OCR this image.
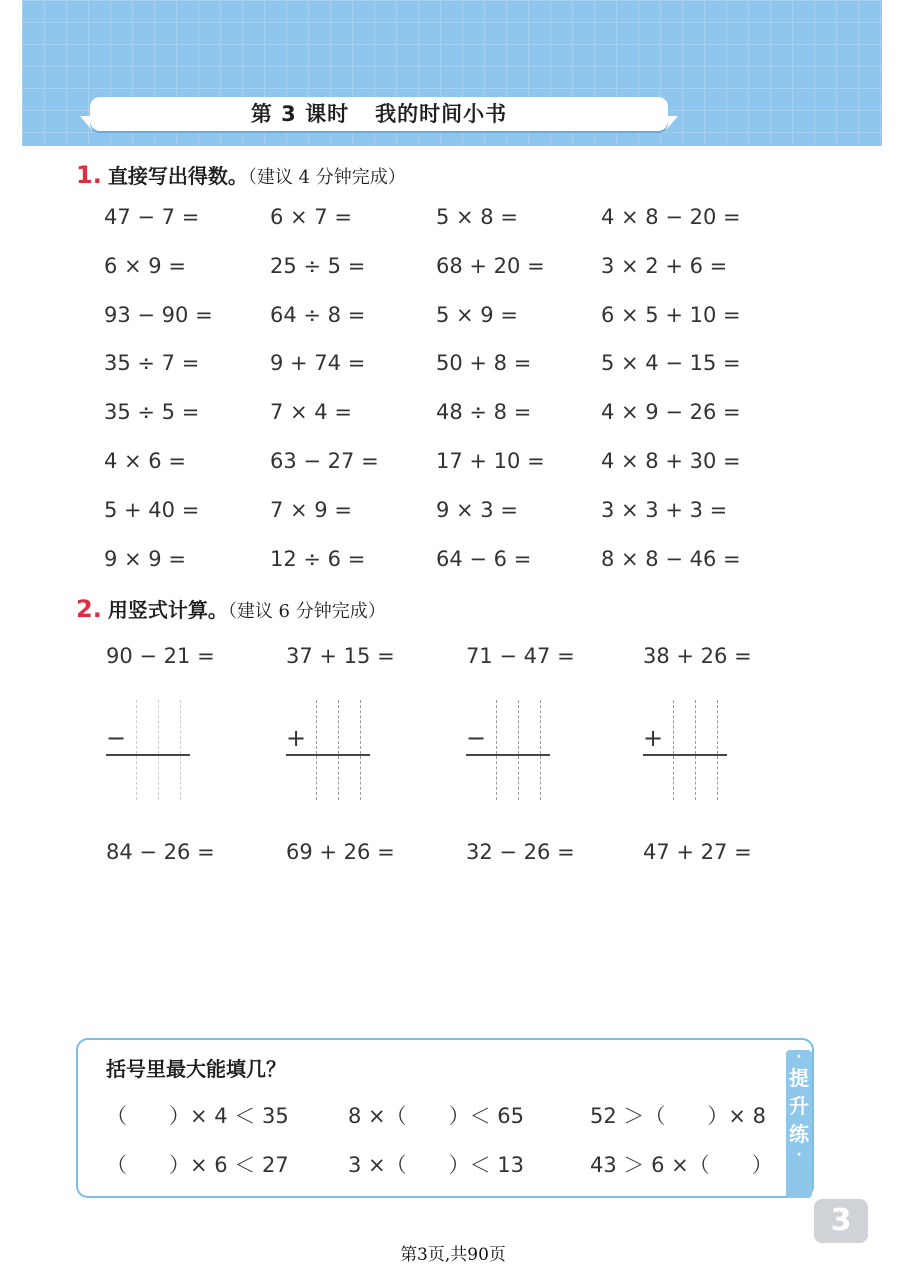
第 3 课时 我的时间小书
1. 直接写出得数。（建议 4 分钟完成）
47 − 7 =	6 × 7 =	5 × 8 =	4 × 8 − 20 =
6 × 9 =	25 ÷ 5 =	68 + 20 =	3 × 2 + 6 =
93 − 90 =	64 ÷ 8 =	5 × 9 =	6 × 5 + 10 =
35 ÷ 7 =	9 + 74 =	50 + 8 =	5 × 4 − 15 =
35 ÷ 5 =	7 × 4 =	48 ÷ 8 =	4 × 9 − 26 =
4 × 6 =	63 − 27 =	17 + 10 =	4 × 8 + 30 =
5 + 40 =	7 × 9 =	9 × 3 =	3 × 3 + 3 =
9 × 9 =	12 ÷ 6 =	64 − 6 =	8 × 8 − 46 =
2. 用竖式计算。（建议 6 分钟完成）
90 − 21 =	37 + 15 =	71 − 47 =	38 + 26 =
−	+	−	+
84 − 26 =	69 + 26 =	32 − 26 =	47 + 27 =
·
提
升
练
·
括号里最大能填几？
（　　）× 4 ＜ 35	8 ×（　　）＜ 65	52 ＞（　　）× 8
（　　）× 6 ＜ 27	3 ×（　　）＜ 13	43 ＞ 6 ×（　　）
3
第3页,共90页
